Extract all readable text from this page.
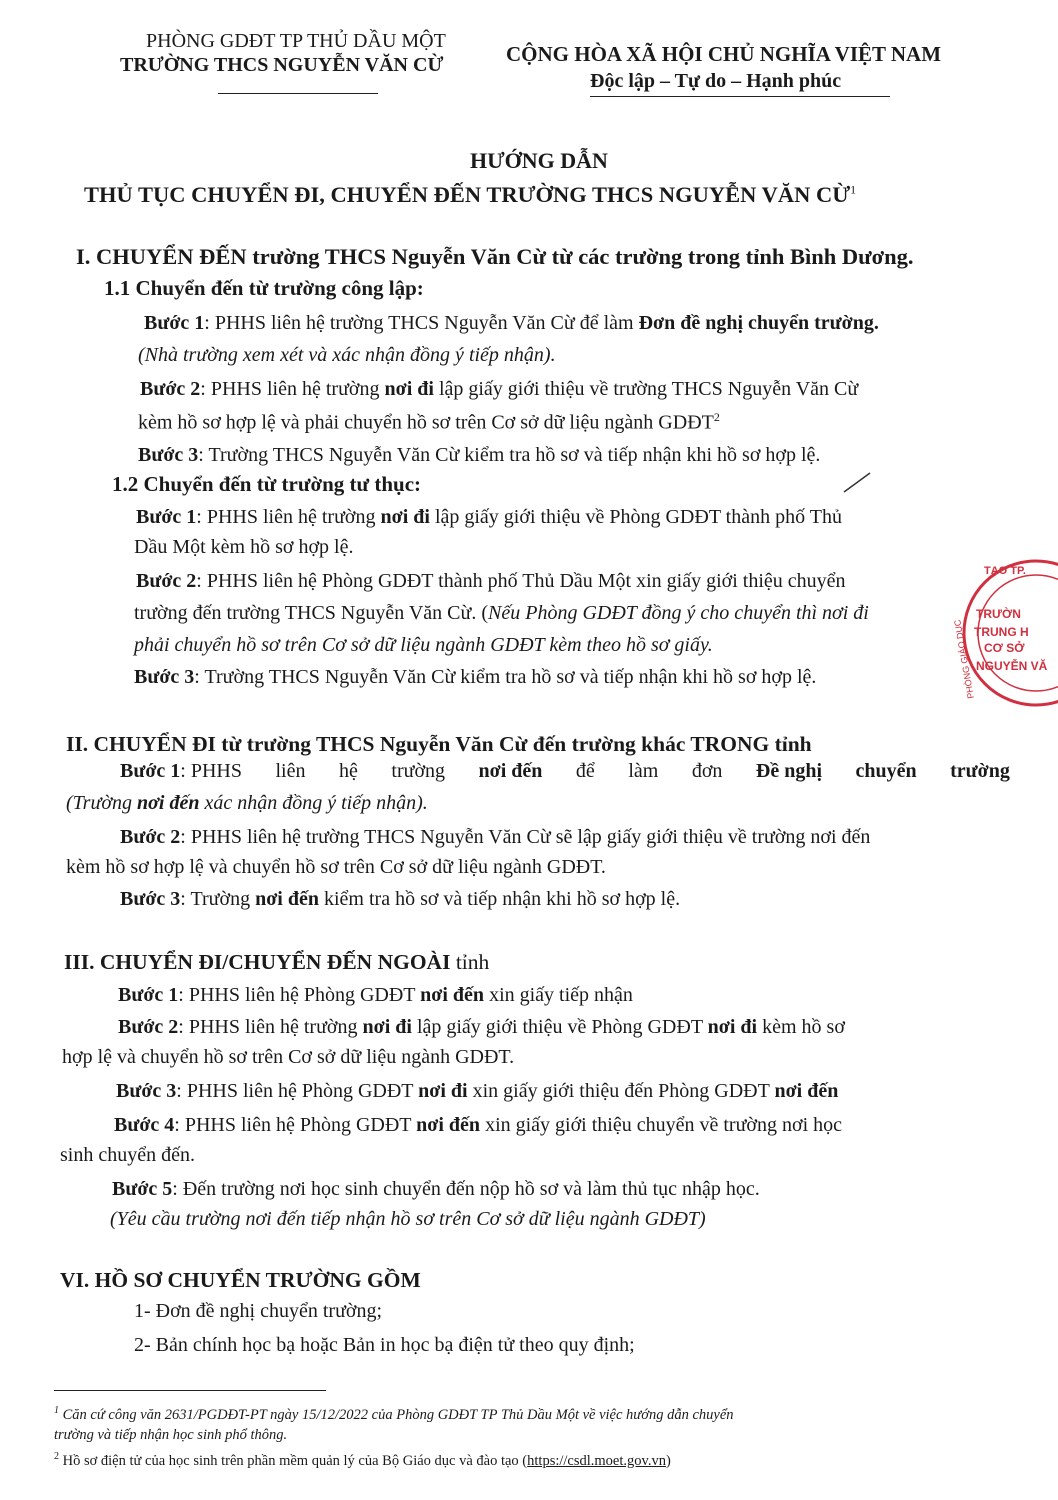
PHÒNG GDĐT TP THỦ DẦU MỘT
TRƯỜNG THCS NGUYỄN VĂN CỪ	CỘNG HÒA XÃ HỘI CHỦ NGHĨA VIỆT NAM
Độc lập – Tự do – Hạnh phúc
HƯỚNG DẪN
THỦ TỤC CHUYỂN ĐI, CHUYỂN ĐẾN TRƯỜNG THCS NGUYỄN VĂN CỪ$^1$
I. CHUYỂN ĐẾN trường THCS Nguyễn Văn Cừ từ các trường trong tỉnh Bình Dương.
1.1 Chuyển đến từ trường công lập:
Bước 1: PHHS liên hệ trường THCS Nguyễn Văn Cừ để làm Đơn đề nghị chuyển trường.
(Nhà trường xem xét và xác nhận đồng ý tiếp nhận).
Bước 2: PHHS liên hệ trường nơi đi lập giấy giới thiệu về trường THCS Nguyễn Văn Cừ
kèm hồ sơ hợp lệ và phải chuyển hồ sơ trên Cơ sở dữ liệu ngành GDĐT$^2$
Bước 3: Trường THCS Nguyễn Văn Cừ kiểm tra hồ sơ và tiếp nhận khi hồ sơ hợp lệ.
1.2 Chuyển đến từ trường tư thục:
Bước 1: PHHS liên hệ trường nơi đi lập giấy giới thiệu về Phòng GDĐT thành phố Thủ
Dầu Một kèm hồ sơ hợp lệ.
Bước 2: PHHS liên hệ Phòng GDĐT thành phố Thủ Dầu Một xin giấy giới thiệu chuyển
trường đến trường THCS Nguyễn Văn Cừ. (Nếu Phòng GDĐT đồng ý cho chuyển thì nơi đi
phải chuyển hồ sơ trên Cơ sở dữ liệu ngành GDĐT kèm theo hồ sơ giấy.
Bước 3: Trường THCS Nguyễn Văn Cừ kiểm tra hồ sơ và tiếp nhận khi hồ sơ hợp lệ.
TẠO TP.
TRƯỜN
TRUNG H
CƠ SỞ
NGUYỄN VĂ
PHÒNG GIÁO DỤC
II. CHUYỂN ĐI từ trường THCS Nguyễn Văn Cừ đến trường khác TRONG tỉnh
Bước 1: PHHS liên hệ trường nơi đến để làm đơn Đề nghị chuyển trường
(Trường nơi đến xác nhận đồng ý tiếp nhận).
Bước 2: PHHS liên hệ trường THCS Nguyễn Văn Cừ sẽ lập giấy giới thiệu về trường nơi đến
kèm hồ sơ hợp lệ và chuyển hồ sơ trên Cơ sở dữ liệu ngành GDĐT.
Bước 3: Trường nơi đến kiểm tra hồ sơ và tiếp nhận khi hồ sơ hợp lệ.
III. CHUYỂN ĐI/CHUYỂN ĐẾN NGOÀI tỉnh
Bước 1: PHHS liên hệ Phòng GDĐT nơi đến xin giấy tiếp nhận
Bước 2: PHHS liên hệ trường nơi đi lập giấy giới thiệu về Phòng GDĐT nơi đi kèm hồ sơ
hợp lệ và chuyển hồ sơ trên Cơ sở dữ liệu ngành GDĐT.
Bước 3: PHHS liên hệ Phòng GDĐT nơi đi xin giấy giới thiệu đến Phòng GDĐT nơi đến
Bước 4: PHHS liên hệ Phòng GDĐT nơi đến xin giấy giới thiệu chuyển về trường nơi học
sinh chuyển đến.
Bước 5: Đến trường nơi học sinh chuyển đến nộp hồ sơ và làm thủ tục nhập học.
(Yêu cầu trường nơi đến tiếp nhận hồ sơ trên Cơ sở dữ liệu ngành GDĐT)
VI. HỒ SƠ CHUYỂN TRƯỜNG GỒM
1- Đơn đề nghị chuyển trường;
2- Bản chính học bạ hoặc Bản in học bạ điện tử theo quy định;
$^1$ Căn cứ công văn 2631/PGDĐT-PT ngày 15/12/2022 của Phòng GDĐT TP Thủ Dầu Một về việc hướng dẫn chuyển
trường và tiếp nhận học sinh phổ thông.
$^2$ Hồ sơ điện tử của học sinh trên phần mềm quản lý của Bộ Giáo dục và đào tạo (https://csdl.moet.gov.vn)
